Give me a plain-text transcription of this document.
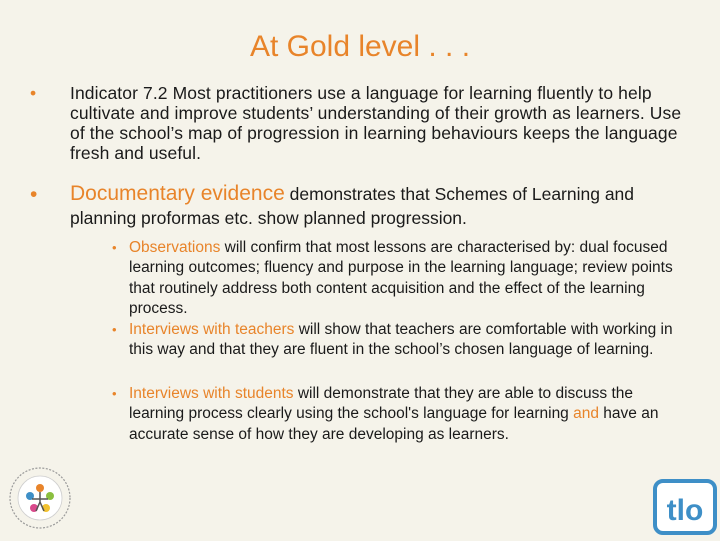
At Gold level . . .
• Indicator 7.2 Most practitioners use a language for learning fluently to help cultivate and improve students’ understanding of their growth as learners. Use of the school’s map of progression in learning behaviours keeps the language fresh and useful.
• Documentary evidence demonstrates that Schemes of Learning and planning proformas etc. show planned progression.
• Observations will confirm that most lessons are characterised by: dual focused learning outcomes; fluency and purpose in the learning language; review points that routinely address both content acquisition and the effect of the learning process.
• Interviews with teachers will show that teachers are comfortable with working in this way and that they are fluent in the school’s chosen language of learning.
• Interviews with students will demonstrate that they are able to discuss the learning process clearly using the school's language for learning and have an accurate sense of how they are developing as learners.
tlo
